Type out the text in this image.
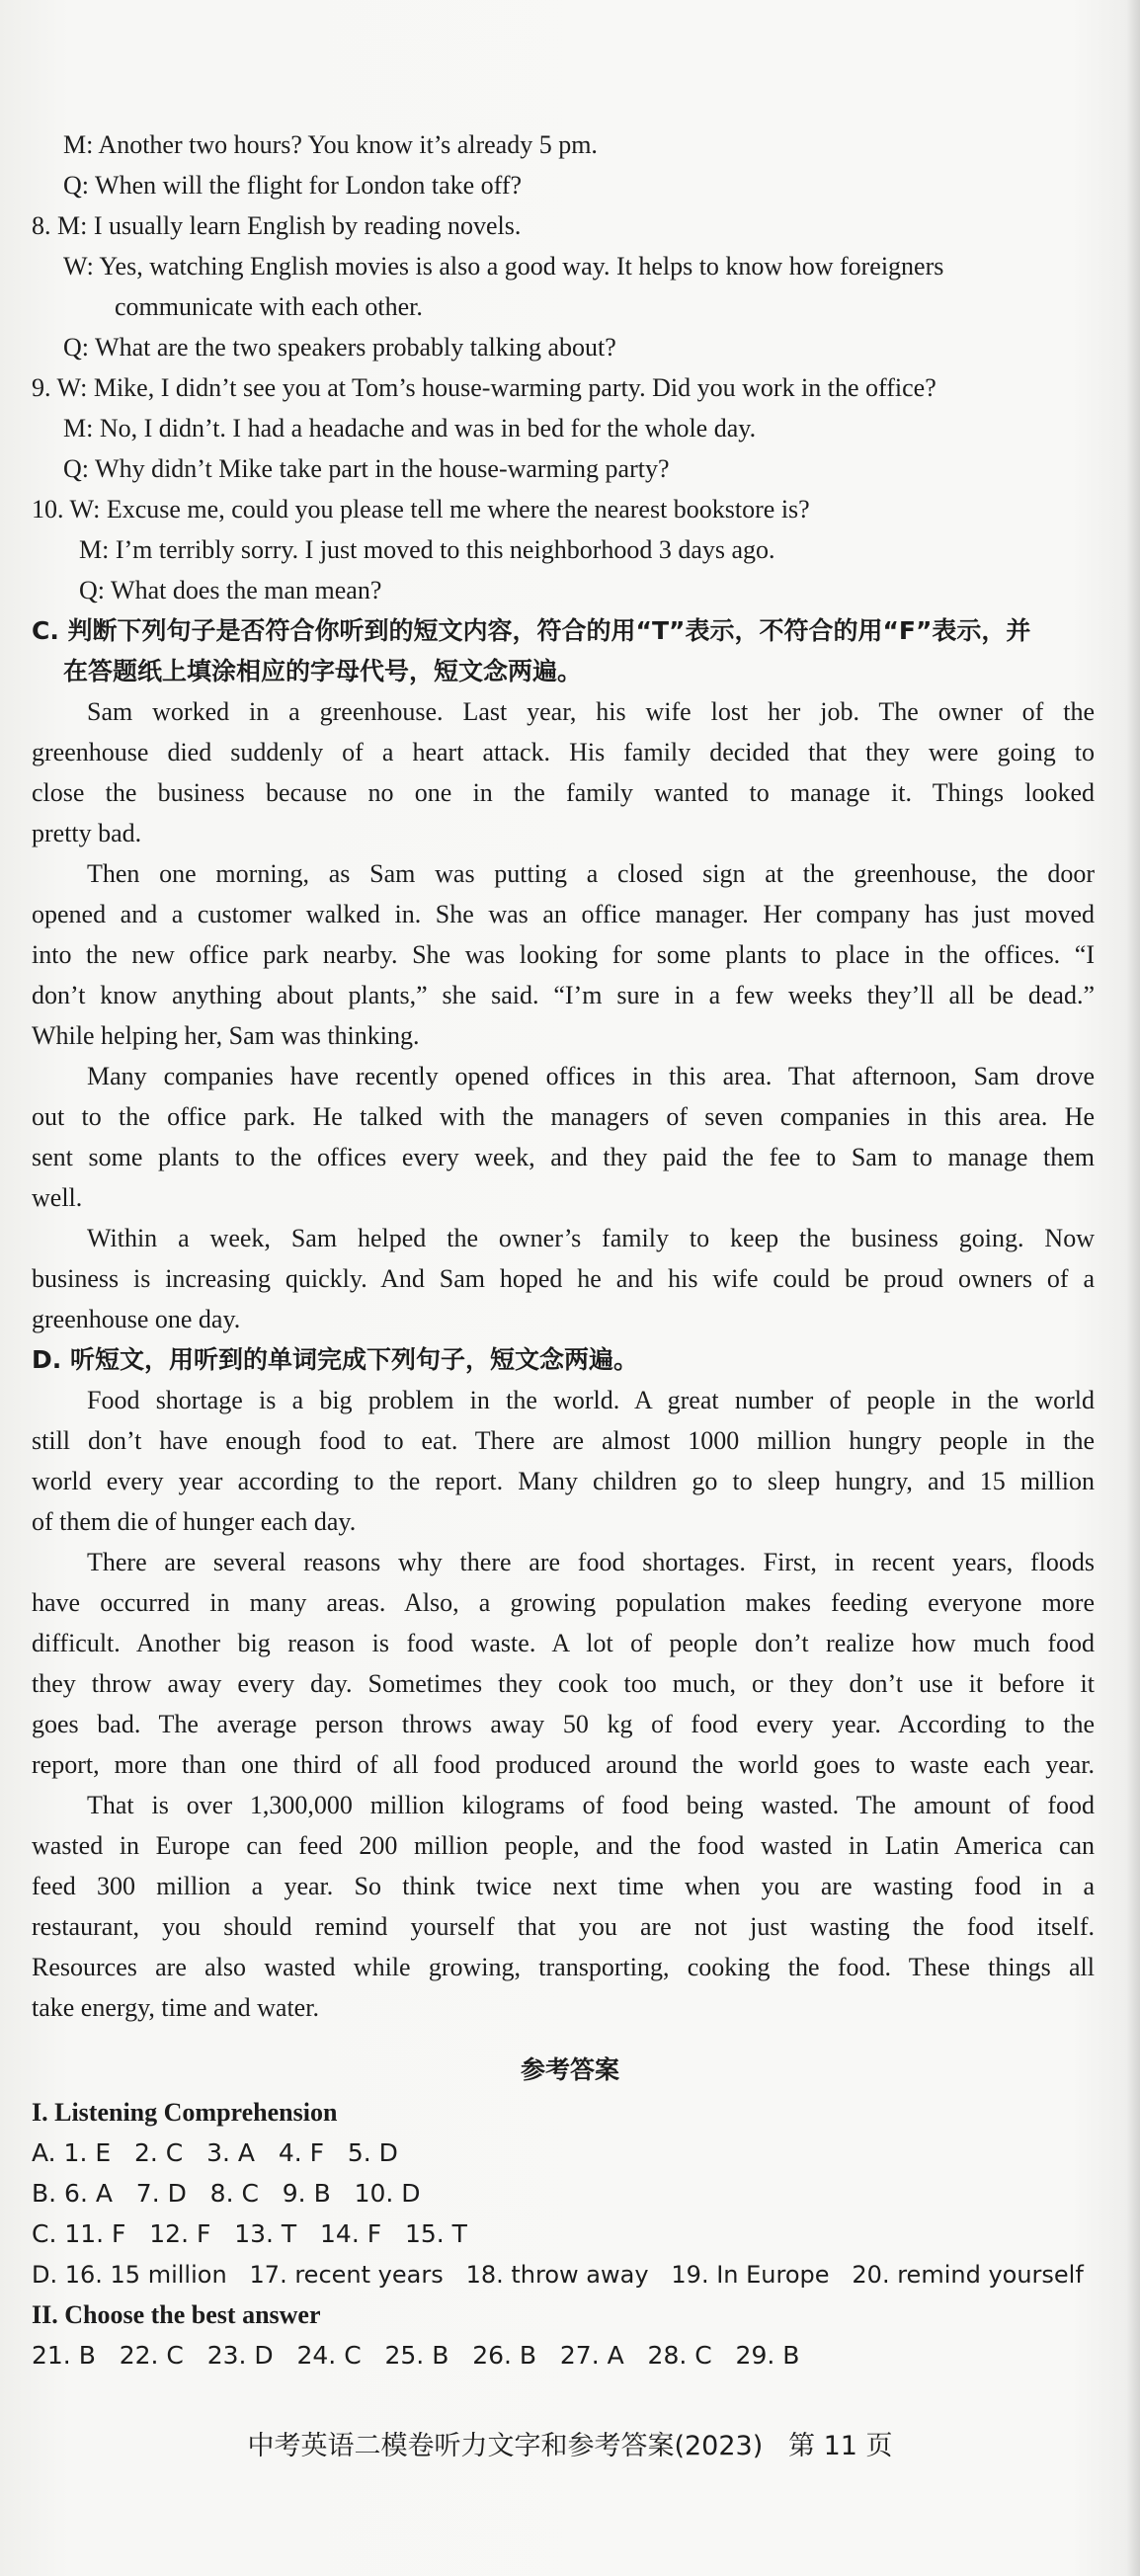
M: Another two hours? You know it’s already 5 pm.
Q: When will the flight for London take off?
8. M: I usually learn English by reading novels.
W: Yes, watching English movies is also a good way. It helps to know how foreigners
communicate with each other.
Q: What are the two speakers probably talking about?
9. W: Mike, I didn’t see you at Tom’s house-warming party. Did you work in the office?
M: No, I didn’t. I had a headache and was in bed for the whole day.
Q: Why didn’t Mike take part in the house-warming party?
10. W: Excuse me, could you please tell me where the nearest bookstore is?
M: I’m terribly sorry. I just moved to this neighborhood 3 days ago.
Q: What does the man mean?
C. 判断下列句子是否符合你听到的短文内容，符合的用“T”表示，不符合的用“F”表示，并
在答题纸上填涂相应的字母代号，短文念两遍。
Sam worked in a greenhouse. Last year, his wife lost her job. The owner of the
greenhouse died suddenly of a heart attack. His family decided that they were going to
close the business because no one in the family wanted to manage it. Things looked
pretty bad.
Then one morning, as Sam was putting a closed sign at the greenhouse, the door
opened and a customer walked in. She was an office manager. Her company has just moved
into the new office park nearby. She was looking for some plants to place in the offices. “I
don’t know anything about plants,” she said. “I’m sure in a few weeks they’ll all be dead.”
While helping her, Sam was thinking.
Many companies have recently opened offices in this area. That afternoon, Sam drove
out to the office park. He talked with the managers of seven companies in this area. He
sent some plants to the offices every week, and they paid the fee to Sam to manage them
well.
Within a week, Sam helped the owner’s family to keep the business going. Now
business is increasing quickly. And Sam hoped he and his wife could be proud owners of a
greenhouse one day.
D. 听短文，用听到的单词完成下列句子，短文念两遍。
Food shortage is a big problem in the world. A great number of people in the world
still don’t have enough food to eat. There are almost 1000 million hungry people in the
world every year according to the report. Many children go to sleep hungry, and 15 million
of them die of hunger each day.
There are several reasons why there are food shortages. First, in recent years, floods
have occurred in many areas. Also, a growing population makes feeding everyone more
difficult. Another big reason is food waste. A lot of people don’t realize how much food
they throw away every day. Sometimes they cook too much, or they don’t use it before it
goes bad. The average person throws away 50 kg of food every year. According to the
report, more than one third of all food produced around the world goes to waste each year.
That is over 1,300,000 million kilograms of food being wasted. The amount of food
wasted in Europe can feed 200 million people, and the food wasted in Latin America can
feed 300 million a year. So think twice next time when you are wasting food in a
restaurant, you should remind yourself that you are not just wasting the food itself.
Resources are also wasted while growing, transporting, cooking the food. These things all
take energy, time and water.
参考答案
I. Listening Comprehension
A. 1. E   2. C   3. A   4. F   5. D
B. 6. A   7. D   8. C   9. B   10. D
C. 11. F   12. F   13. T   14. F   15. T
D. 16. 15 million   17. recent years   18. throw away   19. In Europe   20. remind yourself
II. Choose the best answer
21. B   22. C   23. D   24. C   25. B   26. B   27. A   28. C   29. B
中考英语二模卷听力文字和参考答案(2023)   第 11 页
